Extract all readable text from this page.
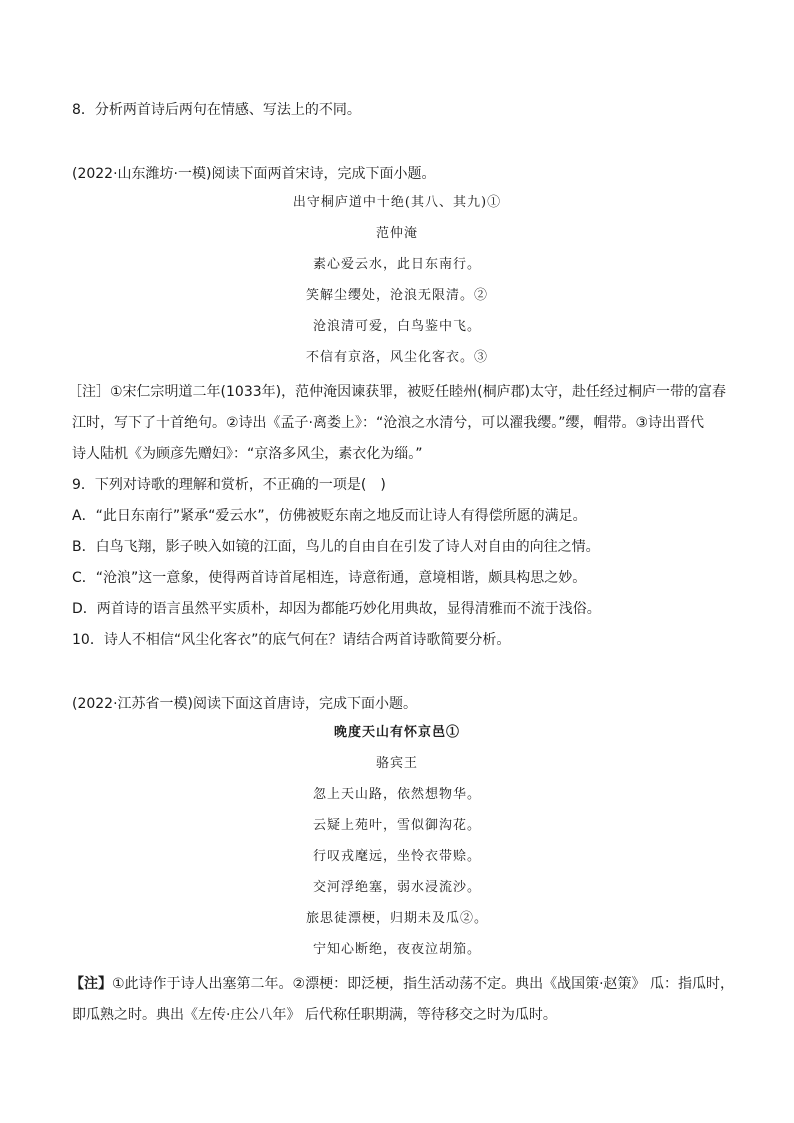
8．分析两首诗后两句在情感、写法上的不同。
(2022·山东潍坊·一模)阅读下面两首宋诗，完成下面小题。
出守桐庐道中十绝(其八、其九)①
范仲淹
素心爱云水，此日东南行。
笑解尘缨处，沧浪无限清。②
沧浪清可爱，白鸟鉴中飞。
不信有京洛，风尘化客衣。③
［注］①宋仁宗明道二年(1033年)，范仲淹因谏获罪，被贬任睦州(桐庐郡)太守，赴任经过桐庐一带的富春
江时，写下了十首绝句。②诗出《孟子·离娄上》：“沧浪之水清兮，可以濯我缨。”缨，帽带。③诗出晋代
诗人陆机《为顾彦先赠妇》：“京洛多风尘，素衣化为缁。”
9．下列对诗歌的理解和赏析，不正确的一项是(　)
A．“此日东南行”紧承“爱云水”，仿佛被贬东南之地反而让诗人有得偿所愿的满足。
B．白鸟飞翔，影子映入如镜的江面，鸟儿的自由自在引发了诗人对自由的向往之情。
C．“沧浪”这一意象，使得两首诗首尾相连，诗意衔通，意境相谐，颇具构思之妙。
D．两首诗的语言虽然平实质朴，却因为都能巧妙化用典故，显得清雅而不流于浅俗。
10．诗人不相信“风尘化客衣”的底气何在？请结合两首诗歌简要分析。
(2022·江苏省一模)阅读下面这首唐诗，完成下面小题。
晚度天山有怀京邑①
骆宾王
忽上天山路，依然想物华。
云疑上苑叶，雪似御沟花。
行叹戎麾远，坐怜衣带赊。
交河浮绝塞，弱水浸流沙。
旅思徒漂梗，归期未及瓜②。
宁知心断绝，夜夜泣胡笳。
【注】①此诗作于诗人出塞第二年。②漂梗：即泛梗，指生活动荡不定。典出《战国策·赵策》 瓜：指瓜时，
即瓜熟之时。典出《左传·庄公八年》 后代称任职期满，等待移交之时为瓜时。
